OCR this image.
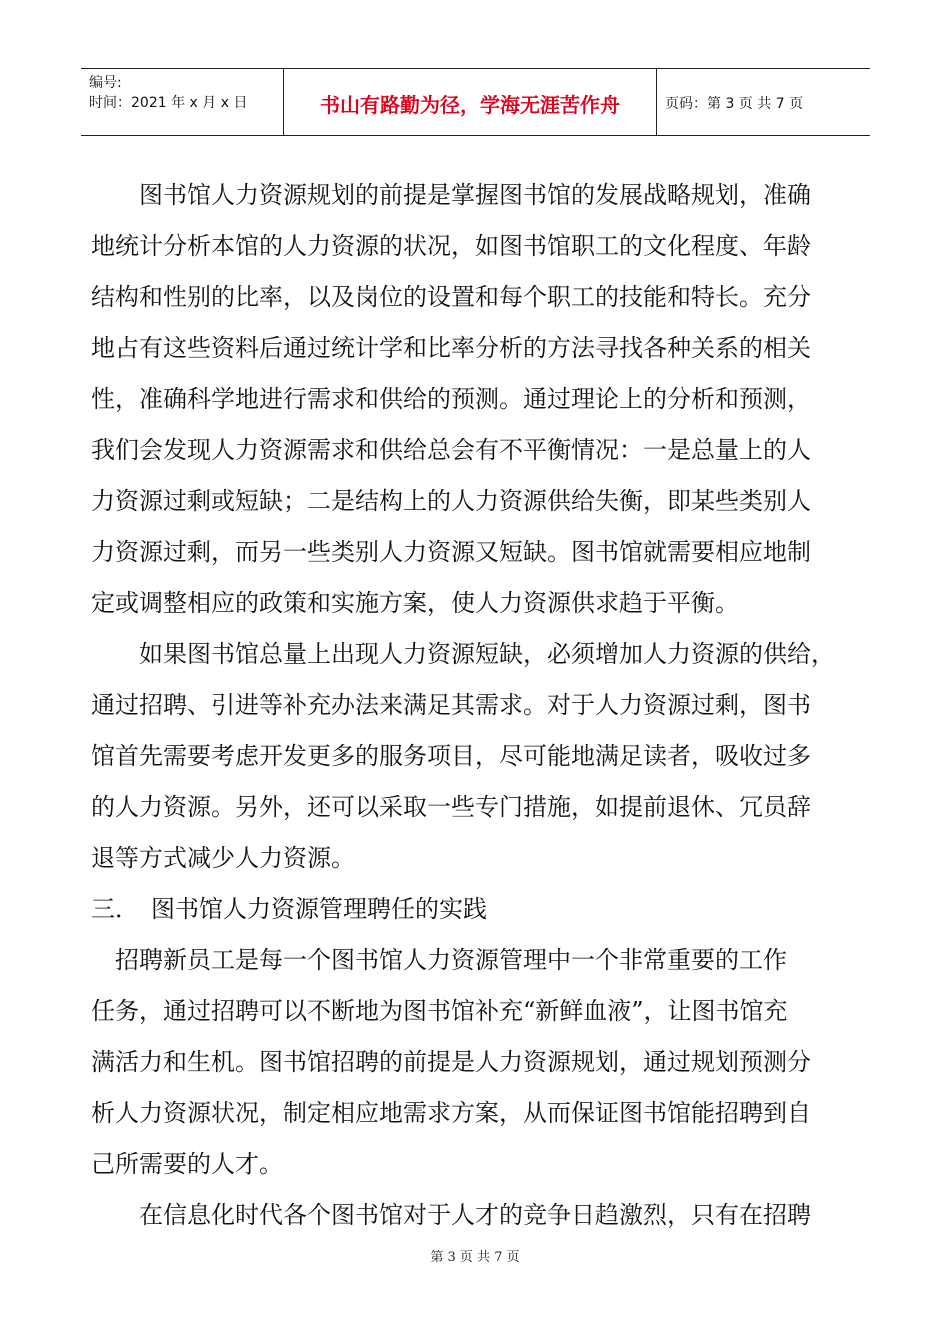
编号:
时间：2021 年 x 月 x 日	书山有路勤为径，学海无涯苦作舟	页码：第 3 页 共 7 页
　　图书馆人力资源规划的前提是掌握图书馆的发展战略规划，准确
地统计分析本馆的人力资源的状况，如图书馆职工的文化程度、年龄
结构和性别的比率，以及岗位的设置和每个职工的技能和特长。充分
地占有这些资料后通过统计学和比率分析的方法寻找各种关系的相关
性，准确科学地进行需求和供给的预测。通过理论上的分析和预测，
我们会发现人力资源需求和供给总会有不平衡情况：一是总量上的人
力资源过剩或短缺；二是结构上的人力资源供给失衡，即某些类别人
力资源过剩，而另一些类别人力资源又短缺。图书馆就需要相应地制
定或调整相应的政策和实施方案，使人力资源供求趋于平衡。
　　如果图书馆总量上出现人力资源短缺，必须增加人力资源的供给，
通过招聘、引进等补充办法来满足其需求。对于人力资源过剩，图书
馆首先需要考虑开发更多的服务项目，尽可能地满足读者，吸收过多
的人力资源。另外，还可以采取一些专门措施，如提前退休、冗员辞
退等方式减少人力资源。
三．　图书馆人力资源管理聘任的实践
　招聘新员工是每一个图书馆人力资源管理中一个非常重要的工作
任务，通过招聘可以不断地为图书馆补充“新鲜血液”，让图书馆充
满活力和生机。图书馆招聘的前提是人力资源规划，通过规划预测分
析人力资源状况，制定相应地需求方案，从而保证图书馆能招聘到自
己所需要的人才。
　　在信息化时代各个图书馆对于人才的竞争日趋激烈，只有在招聘
第 3 页 共 7 页
